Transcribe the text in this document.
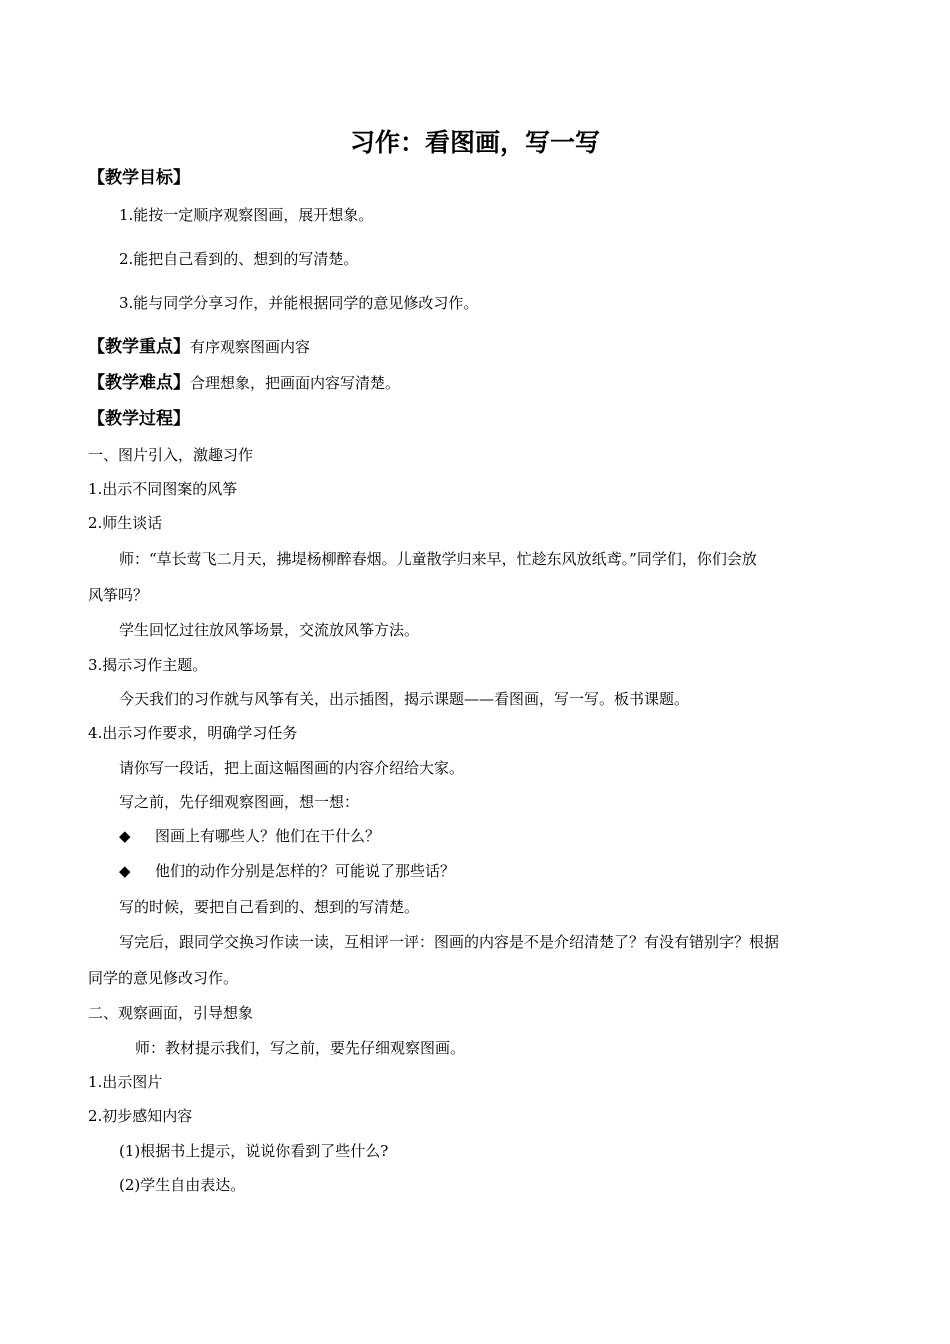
习作：看图画，写一写
【教学目标】
1.能按一定顺序观察图画，展开想象。
2.能把自己看到的、想到的写清楚。
3.能与同学分享习作，并能根据同学的意见修改习作。
【教学重点】有序观察图画内容
【教学难点】合理想象，把画面内容写清楚。
【教学过程】
一、图片引入，激趣习作
1.出示不同图案的风筝
2.师生谈话
师：“草长莺飞二月天，拂堤杨柳醉春烟。儿童散学归来早，忙趁东风放纸鸢。”同学们，你们会放
风筝吗？
学生回忆过往放风筝场景，交流放风筝方法。
3.揭示习作主题。
今天我们的习作就与风筝有关，出示插图，揭示课题——看图画，写一写。板书课题。
4.出示习作要求，明确学习任务
请你写一段话，把上面这幅图画的内容介绍给大家。
写之前，先仔细观察图画，想一想：
◆ 图画上有哪些人？他们在干什么？
◆ 他们的动作分别是怎样的？可能说了那些话？
写的时候，要把自己看到的、想到的写清楚。
写完后，跟同学交换习作读一读，互相评一评：图画的内容是不是介绍清楚了？有没有错别字？根据
同学的意见修改习作。
二、观察画面，引导想象
师：教材提示我们，写之前，要先仔细观察图画。
1.出示图片
2.初步感知内容
(1)根据书上提示，说说你看到了些什么?
(2)学生自由表达。
